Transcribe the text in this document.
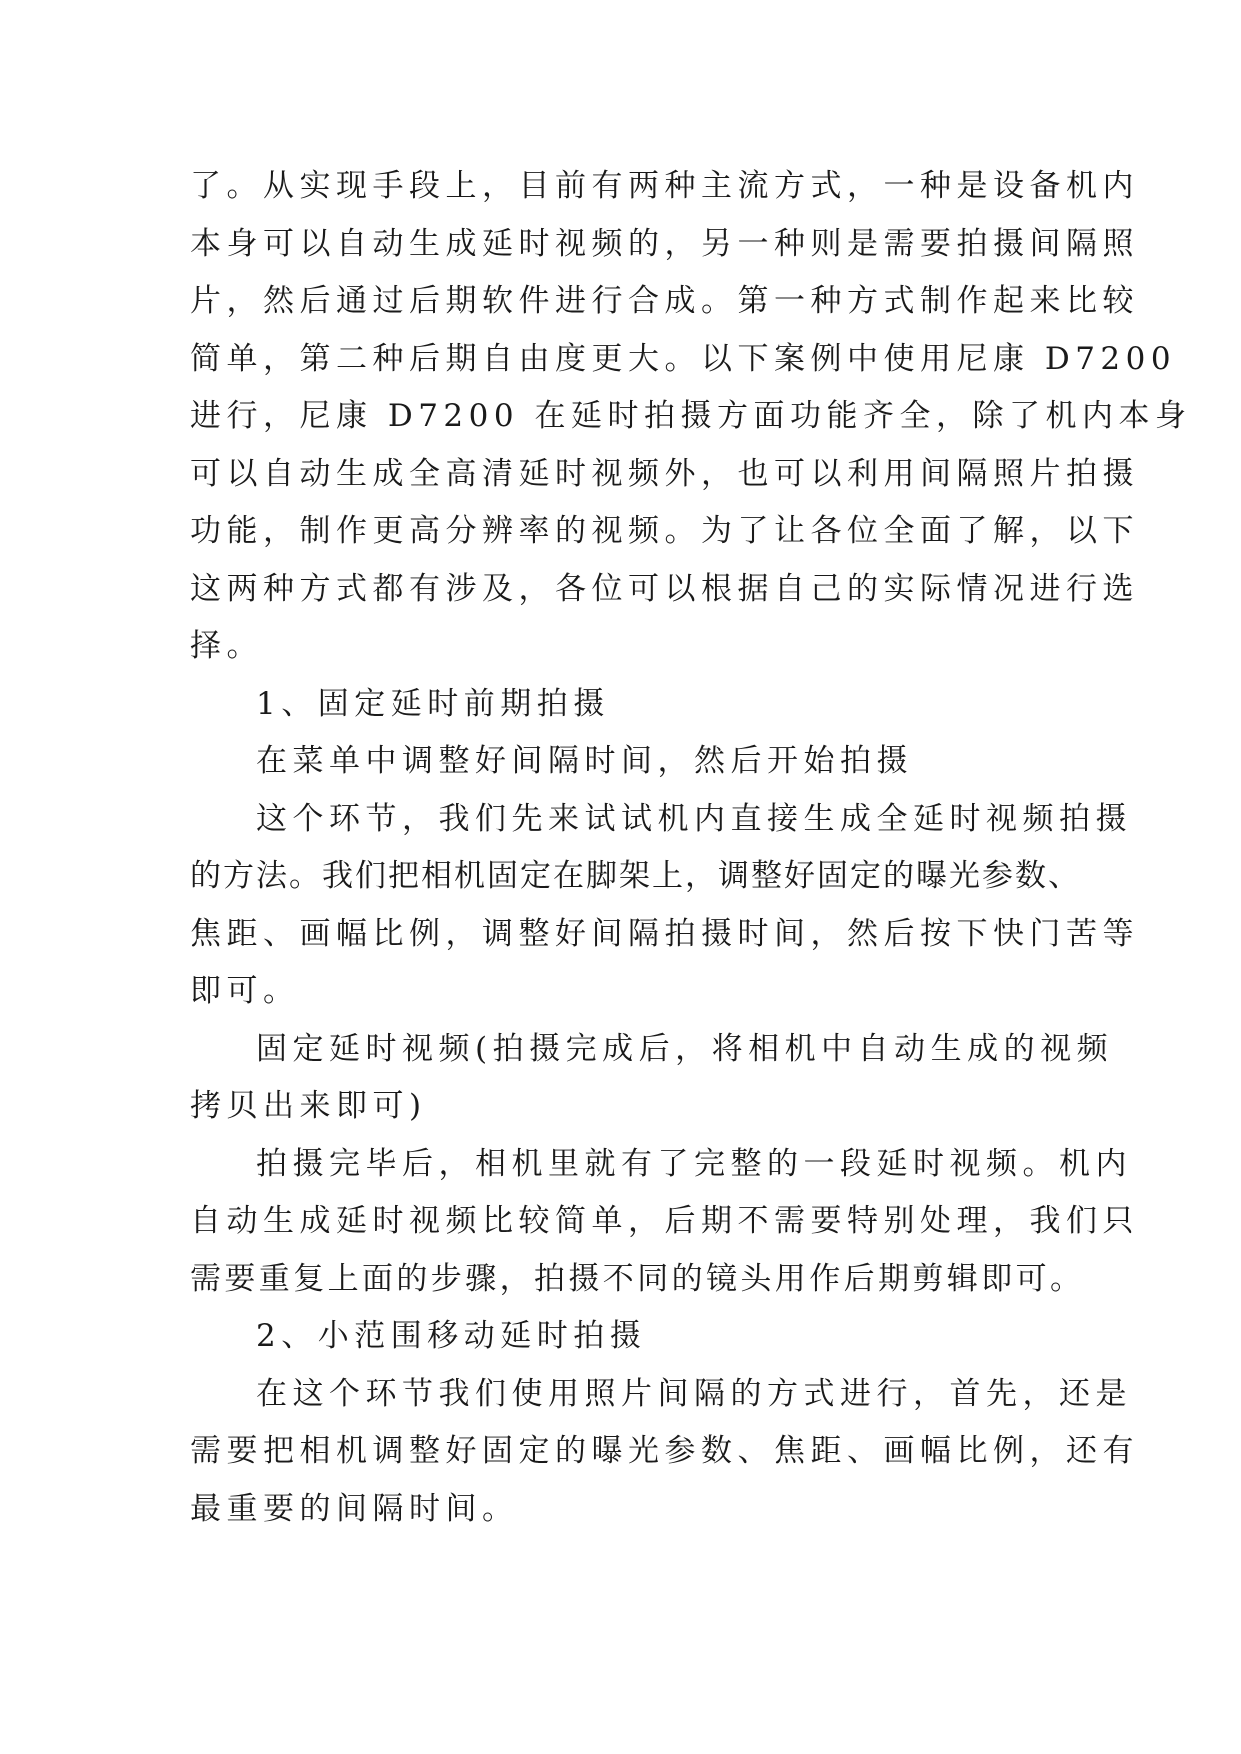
了。从实现手段上，目前有两种主流方式，一种是设备机内
本身可以自动生成延时视频的，另一种则是需要拍摄间隔照
片，然后通过后期软件进行合成。第一种方式制作起来比较
简单，第二种后期自由度更大。以下案例中使用尼康 D7200
进行，尼康 D7200 在延时拍摄方面功能齐全，除了机内本身
可以自动生成全高清延时视频外，也可以利用间隔照片拍摄
功能，制作更高分辨率的视频。为了让各位全面了解，以下
这两种方式都有涉及，各位可以根据自己的实际情况进行选
择。
1、固定延时前期拍摄
在菜单中调整好间隔时间，然后开始拍摄
这个环节，我们先来试试机内直接生成全延时视频拍摄
的方法。我们把相机固定在脚架上，调整好固定的曝光参数、
焦距、画幅比例，调整好间隔拍摄时间，然后按下快门苦等
即可。
固定延时视频(拍摄完成后，将相机中自动生成的视频
拷贝出来即可)
拍摄完毕后，相机里就有了完整的一段延时视频。机内
自动生成延时视频比较简单，后期不需要特别处理，我们只
需要重复上面的步骤，拍摄不同的镜头用作后期剪辑即可。
2、小范围移动延时拍摄
在这个环节我们使用照片间隔的方式进行，首先，还是
需要把相机调整好固定的曝光参数、焦距、画幅比例，还有
最重要的间隔时间。
